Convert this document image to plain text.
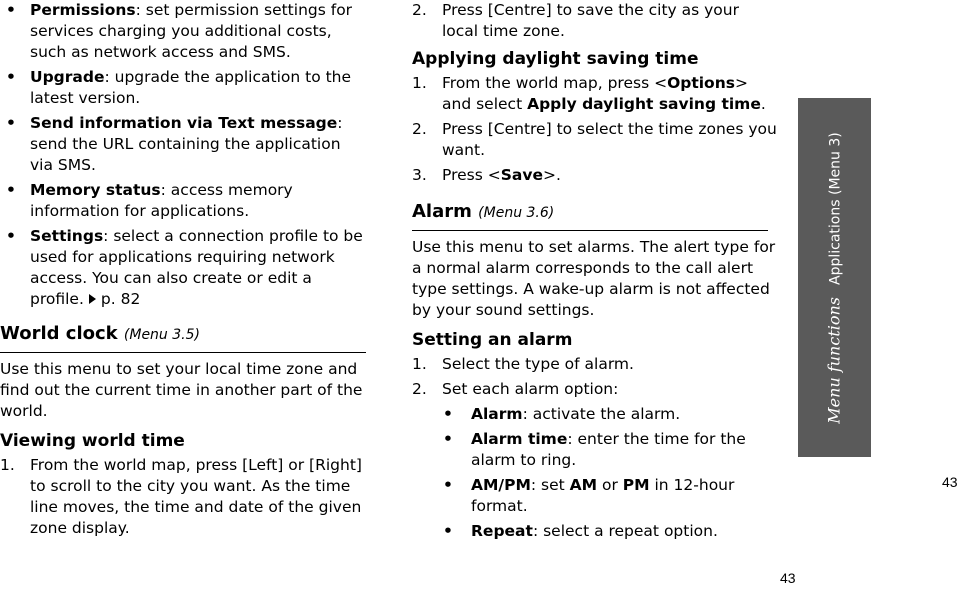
•
Permissions: set permission settings for services charging you additional costs, such as network access and SMS.
•
Upgrade: upgrade the application to the latest version.
•
Send information via Text message: send the URL containing the application via SMS.
•
Memory status: access memory information for applications.
•
Settings: select a connection profile to be used for applications requiring network access. You can also create or edit a profile. p. 82
World clock (Menu 3.5)
Use this menu to set your local time zone and find out the current time in another part of the world.
Viewing world time
1. From the world map, press [Left] or [Right] to scroll to the city you want. As the time line moves, the time and date of the given zone display.
2. Press [Centre] to save the city as your local time zone.
Applying daylight saving time
1. From the world map, press <Options> and select Apply daylight saving time.
2. Press [Centre] to select the time zones you want.
3. Press <Save>.
Alarm (Menu 3.6)
Use this menu to set alarms. The alert type for a normal alarm corresponds to the call alert type settings. A wake-up alarm is not affected by your sound settings.
Setting an alarm
1. Select the type of alarm.
2. Set each alarm option:
•
Alarm: activate the alarm.
•
Alarm time: enter the time for the alarm to ring.
•
AM/PM: set AM or PM in 12-hour format.
•
Repeat: select a repeat option.
Menu functionsApplications (Menu 3)
43
43
